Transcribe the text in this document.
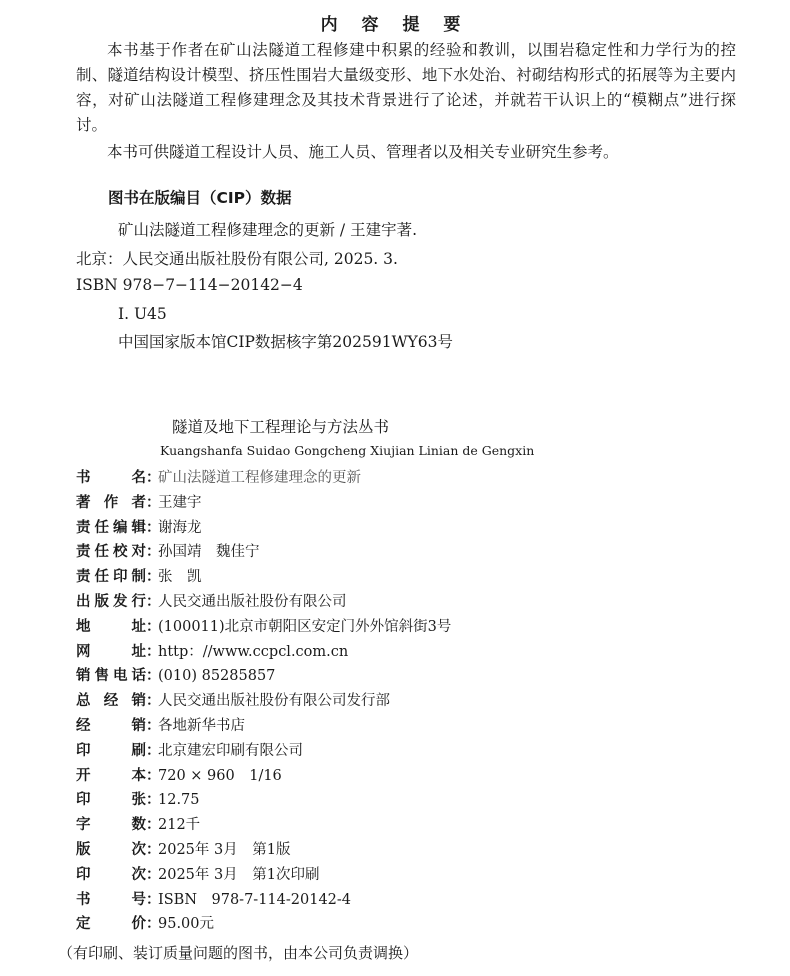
内 容 提 要

本书基于作者在矿山法隧道工程修建中积累的经验和教训，以围岩稳定性和力学行为的控制、隧道结构设计模型、挤压性围岩大量级变形、地下水处治、衬砌结构形式的拓展等为主要内容，对矿山法隧道工程修建理念及其技术背景进行了论述，并就若干认识上的“模糊点”进行探讨。

本书可供隧道工程设计人员、施工人员、管理者以及相关专业研究生参考。

图书在版编目（CIP）数据
矿山法隧道工程修建理念的更新 / 王建宇著.
北京：人民交通出版社股份有限公司, 2025. 3.
ISBN 978−7−114−20142−4
Ⅰ. U45
中国国家版本馆CIP数据核字第202591WY63号
隧道及地下工程理论与方法丛书
Kuangshanfa Suidao Gongcheng Xiujian Linian de Gengxin
书	名 ：
矿山法隧道工程修建理念的更新
著 作 者 ：
王建宇
责 任 编 辑 ：
谢海龙
责 任 校 对 ：
孙国靖　魏佳宁
责 任 印 制 ：
张　凯
出 版 发 行 ：
人民交通出版社股份有限公司
地	址 ：
(100011)北京市朝阳区安定门外外馆斜街3号
网	址 ：
http：//www.ccpcl.com.cn
销 售 电 话 ：
(010) 85285857
总 经 销 ：
人民交通出版社股份有限公司发行部
经	销 ：
各地新华书店
印	刷 ：
北京建宏印刷有限公司
开	本 ：
720 × 960　1/16
印	张 ：
12.75
字	数 ：
212千
版	次 ：
2025年 3月　第1版
印	次 ：
2025年 3月　第1次印刷
书	号 ：
ISBN　978-7-114-20142-4
定	价 ：
95.00元
（有印刷、装订质量问题的图书，由本公司负责调换）
